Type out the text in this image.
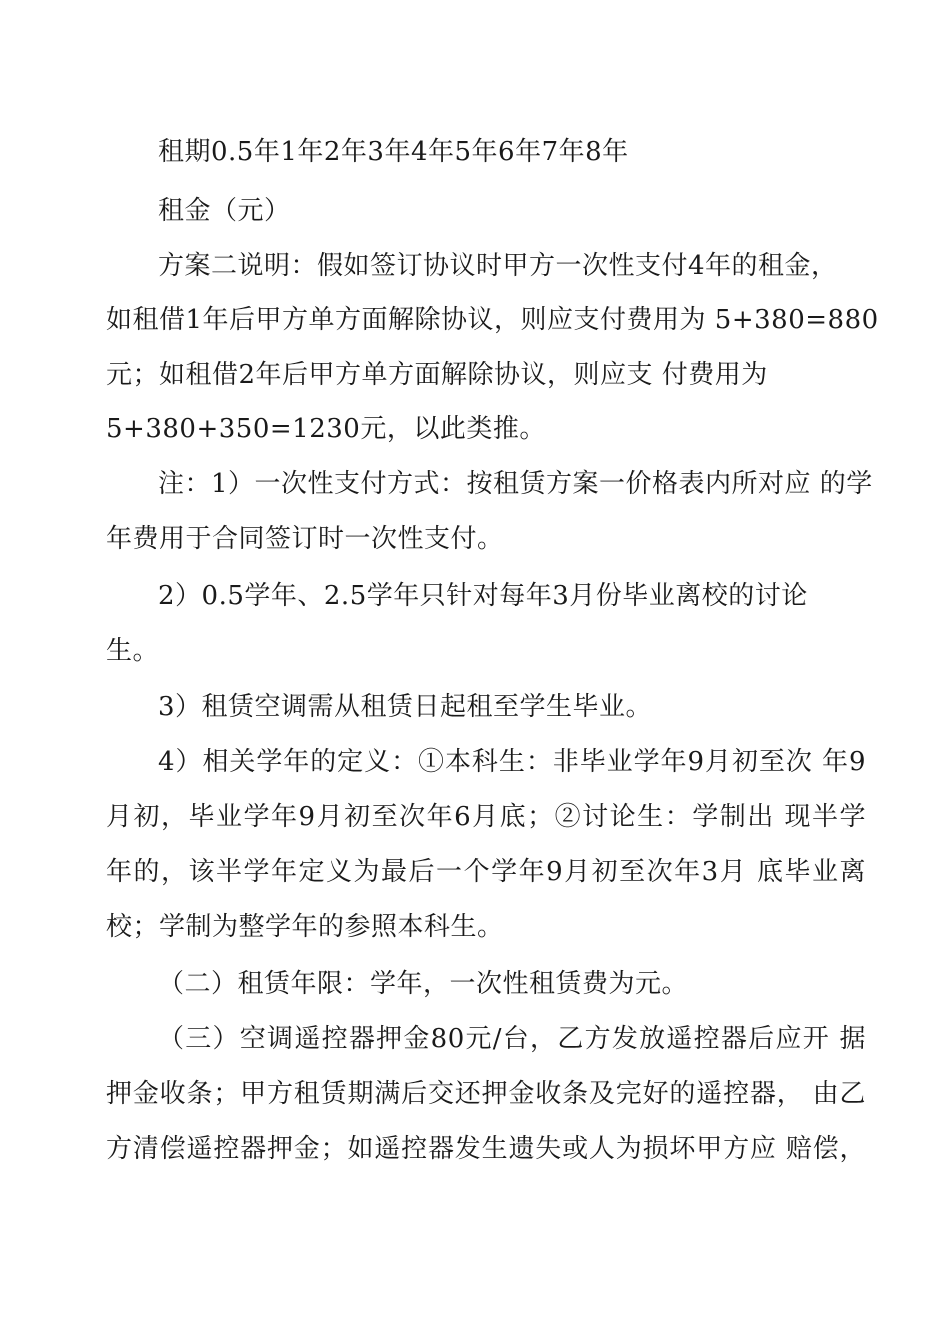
租期0.5年1年2年3年4年5年6年7年8年

租金（元）

方案二说明：假如签订协议时甲方一次性支付4年的租金，

如租借1年后甲方单方面解除协议，则应支付费用为 5+380=880

元；如租借2年后甲方单方面解除协议，则应支 付费用为

5+380+350=1230元，以此类推。

注：1）一次性支付方式：按租赁方案一价格表内所对应 的学

年费用于合同签订时一次性支付。

2）0.5学年、2.5学年只针对每年3月份毕业离校的讨论

生。

3）租赁空调需从租赁日起租至学生毕业。

4）相关学年的定义：①本科生：非毕业学年9月初至次 年9

月初，毕业学年9月初至次年6月底；②讨论生：学制出 现半学

年的，该半学年定义为最后一个学年9月初至次年3月 底毕业离

校；学制为整学年的参照本科生。

（二）租赁年限：学年，一次性租赁费为元。

（三）空调遥控器押金80元/台，乙方发放遥控器后应开 据

押金收条；甲方租赁期满后交还押金收条及完好的遥控器， 由乙

方清偿遥控器押金；如遥控器发生遗失或人为损坏甲方应 赔偿，
